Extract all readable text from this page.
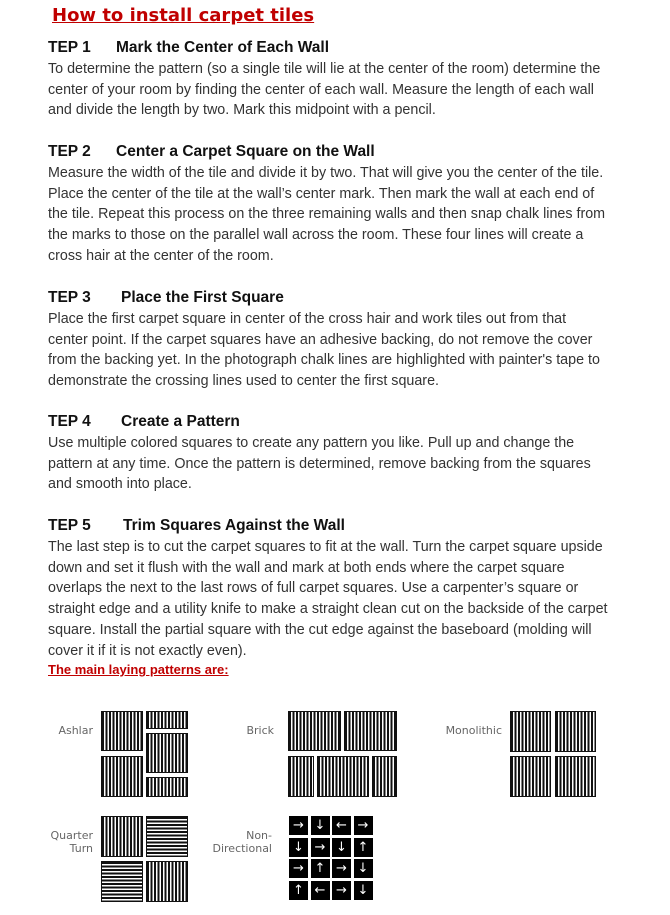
How to install carpet tiles
TEP 1 Mark the Center of Each Wall
To determine the pattern (so a single tile will lie at the center of the room) determine the center of your room by finding the center of each wall. Measure the length of each wall and divide the length by two. Mark this midpoint with a pencil.
TEP 2 Center a Carpet Square on the Wall
Measure the width of the tile and divide it by two. That will give you the center of the tile. Place the center of the tile at the wall’s center mark. Then mark the wall at each end of the tile. Repeat this process on the three remaining walls and then snap chalk lines from the marks to those on the parallel wall across the room. These four lines will create a cross hair at the center of the room.
TEP 3 Place the First Square
Place the first carpet square in center of the cross hair and work tiles out from that center point. If the carpet squares have an adhesive backing, do not remove the cover from the backing yet. In the photograph chalk lines are highlighted with painter's tape to demonstrate the crossing lines used to center the first square.
TEP 4 Create a Pattern
Use multiple colored squares to create any pattern you like. Pull up and change the pattern at any time. Once the pattern is determined, remove backing from the squares and smooth into place.
TEP 5 Trim Squares Against the Wall
The last step is to cut the carpet squares to fit at the wall. Turn the carpet square upside down and set it flush with the wall and mark at both ends where the carpet square overlaps the next to the last rows of full carpet squares. Use a carpenter’s square or straight edge and a utility knife to make a straight clean cut on the backside of the carpet square. Install the partial square with the cut edge against the baseboard (molding will cover it if it is not exactly even).
The main laying patterns are:
Ashlar	Brick	Monolithic
Quarter
Turn
Non-
Directional
→ ↓ ← →
↓ → ↓ ↑
→ ↑ → ↓
↑ ← → ↓
